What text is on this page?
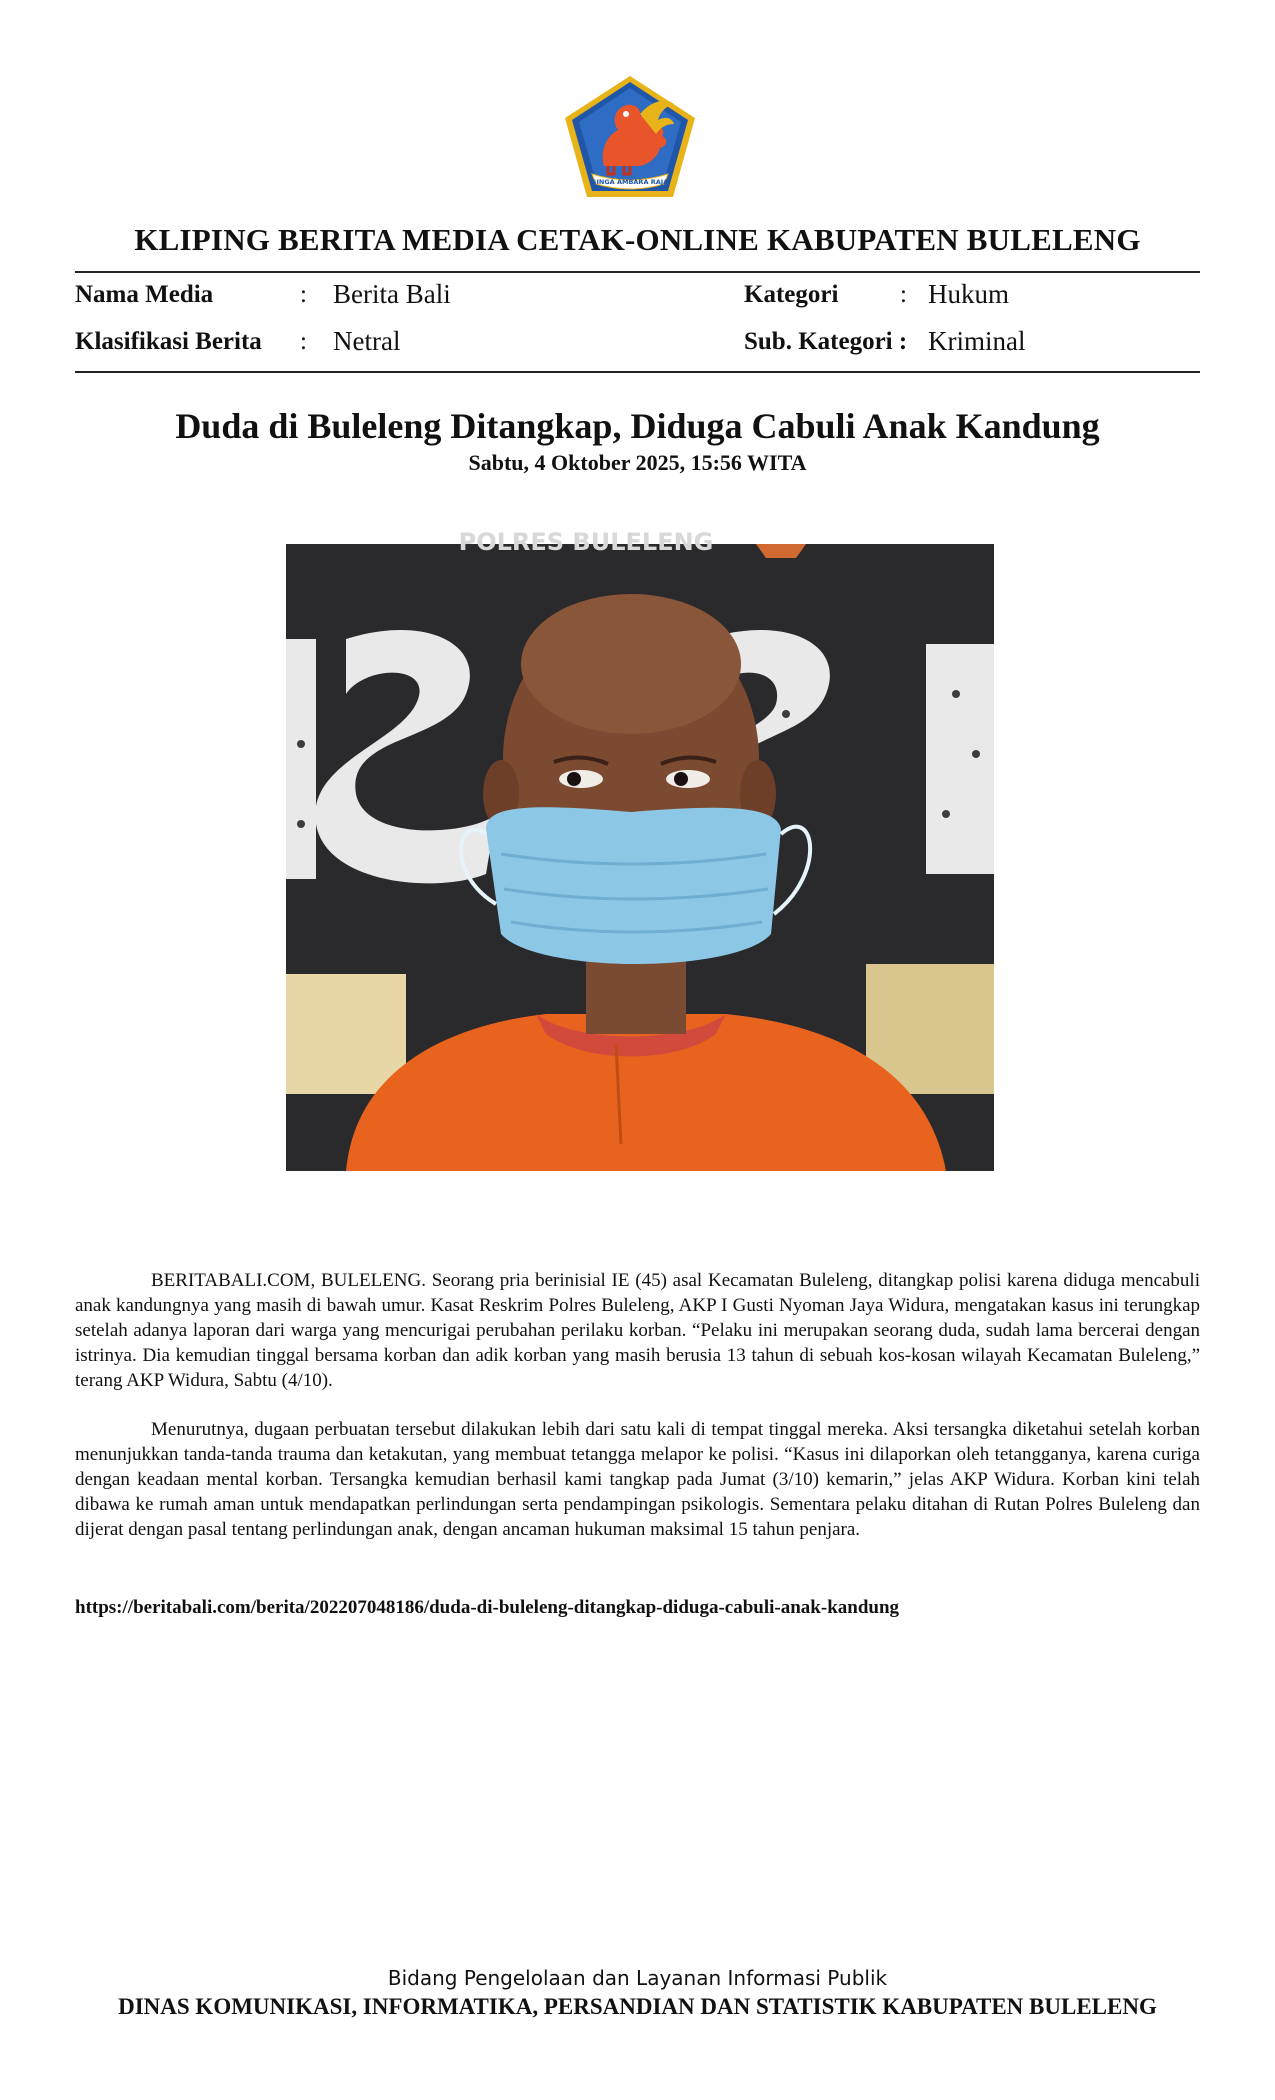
SINGA AMBARA RAJA
KLIPING BERITA MEDIA CETAK-ONLINE KABUPATEN BULELENG
Nama Media	: Berita Bali
Klasifikasi Berita : Netral
Kategori : Hukum
Sub. Kategori : Kriminal
Duda di Buleleng Ditangkap, Diduga Cabuli Anak Kandung
Sabtu, 4 Oktober 2025, 15:56 WITA
POLRES BULELENG

BERITABALI.COM, BULELENG. Seorang pria berinisial IE (45) asal Kecamatan Buleleng, ditangkap polisi karena diduga mencabuli anak kandungnya yang masih di bawah umur. Kasat Reskrim Polres Buleleng, AKP I Gusti Nyoman Jaya Widura, mengatakan kasus ini terungkap setelah adanya laporan dari warga yang mencurigai perubahan perilaku korban. “Pelaku ini merupakan seorang duda, sudah lama bercerai dengan istrinya. Dia kemudian tinggal bersama korban dan adik korban yang masih berusia 13 tahun di sebuah kos-kosan wilayah Kecamatan Buleleng,” terang AKP Widura, Sabtu (4/10).

Menurutnya, dugaan perbuatan tersebut dilakukan lebih dari satu kali di tempat tinggal mereka. Aksi tersangka diketahui setelah korban menunjukkan tanda-tanda trauma dan ketakutan, yang membuat tetangga melapor ke polisi. “Kasus ini dilaporkan oleh tetangganya, karena curiga dengan keadaan mental korban. Tersangka kemudian berhasil kami tangkap pada Jumat (3/10) kemarin,” jelas AKP Widura. Korban kini telah dibawa ke rumah aman untuk mendapatkan perlindungan serta pendampingan psikologis. Sementara pelaku ditahan di Rutan Polres Buleleng dan dijerat dengan pasal tentang perlindungan anak, dengan ancaman hukuman maksimal 15 tahun penjara.

https://beritabali.com/berita/202207048186/duda-di-buleleng-ditangkap-diduga-cabuli-anak-kandung
Bidang Pengelolaan dan Layanan Informasi Publik
DINAS KOMUNIKASI, INFORMATIKA, PERSANDIAN DAN STATISTIK KABUPATEN BULELENG
